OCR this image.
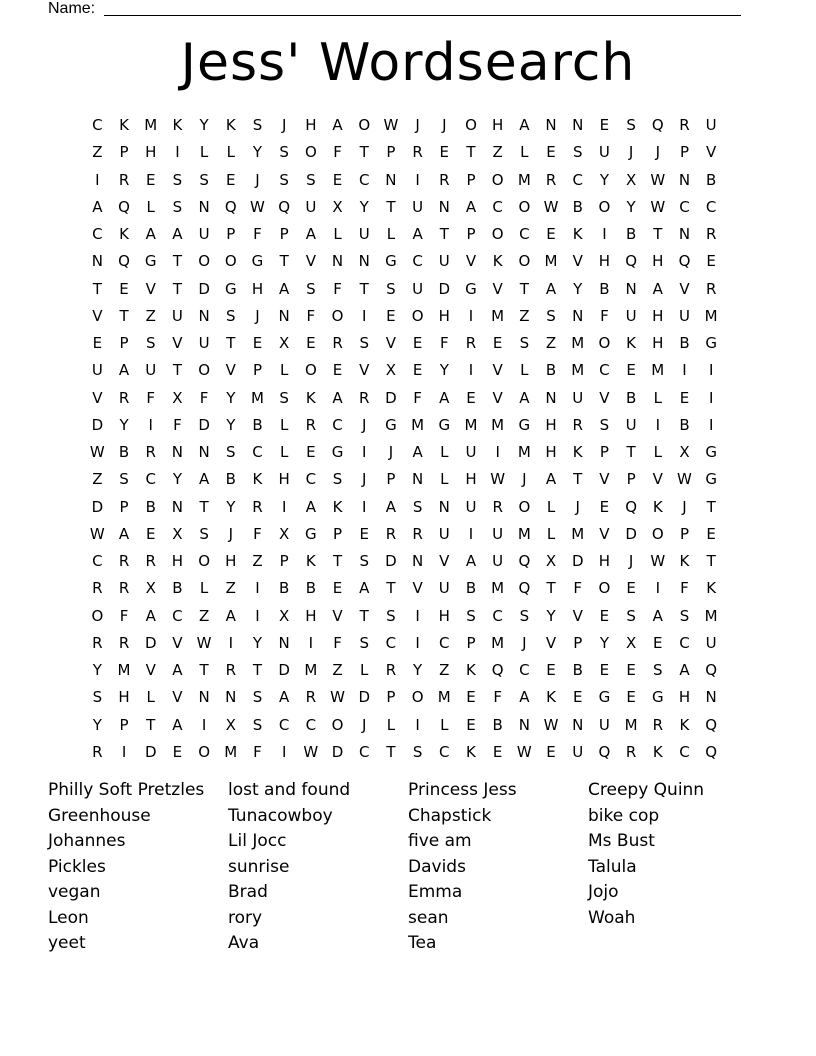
Name:
Jess' Wordsearch
C	K	M	K	Y	K	S	J	H	A	O W	J	J	O	H	A	N	N	E	S	Q	R	U
Z	P	H	I	L	L	Y	S	O	F	T	P	R	E	T	Z	L	E	S	U	J	J	P	V
I	R	E	S	S	E	J	S	S	E	C	N	I	R	P	O M	R	C	Y	X W N	B
A	Q	L	S	N	Q W Q	U	X	Y	T	U	N	A	C	O W B	O	Y W C	C
C	K	A	A	U	P	F	P	A	L	U	L	A	T	P	O	C	E	K	I	B	T	N	R
N	Q G	T	O O G	T	V	N	N	G	C	U	V	K	O M	V	H	Q	H	Q	E
T	E	V	T	D	G	H	A	S	F	T	S	U	D	G	V	T	A	Y	B	N	A	V	R
V	T	Z	U	N	S	J	N	F	O	I	E	O	H	I	M	Z	S	N	F	U	H	U M
E	P	S	V	U	T	E	X	E	R	S	V	E	F	R	E	S	Z	M O	K	H	B	G
U	A	U	T	O	V	P	L	O	E	V	X	E	Y	I	V	L	B	M C	E	M	I	I
V	R	F	X	F	Y	M	S	K	A	R	D	F	A	E	V	A	N	U	V	B	L	E	I
D	Y	I	F	D	Y	B	L	R	C	J	G M G M M G	H	R	S	U	I	B	I
W B	R	N	N	S	C	L	E	G	I	J	A	L	U	I	M H	K	P	T	L	X	G
Z	S	C	Y	A	B	K	H	C	S	J	P	N	L	H W	J	A	T	V	P	V W G
D	P	B	N	T	Y	R	I	A	K	I	A	S	N	U	R	O	L	J	E	Q	K	J	T
W A	E	X	S	J	F	X	G	P	E	R	R	U	I	U M	L	M	V	D	O	P	E
C	R	R	H	O	H	Z	P	K	T	S	D	N	V	A	U	Q	X	D	H	J	W K	T
R	R	X	B	L	Z	I	B	B	E	A	T	V	U	B	M Q	T	F	O	E	I	F	K
O	F	A	C	Z	A	I	X	H	V	T	S	I	H	S	C	S	Y	V	E	S	A	S	M
R	R	D	V W	I	Y	N	I	F	S	C	I	C	P	M	J	V	P	Y	X	E	C	U
Y	M	V	A	T	R	T	D M	Z	L	R	Y	Z	K	Q	C	E	B	E	E	S	A	Q
S	H	L	V	N	N	S	A	R W D	P	O M	E	F	A	K	E	G	E	G	H	N
Y	P	T	A	I	X	S	C	C	O	J	L	I	L	E	B	N W N	U M	R	K	Q
R	I	D	E	O M	F	I	W D	C	T	S	C	K	E W E	U	Q	R	K	C	Q
Philly Soft Pretzles	lost and found	Princess Jess	Creepy Quinn
Greenhouse	Tunacowboy	Chapstick	bike cop
Johannes	Lil Jocc	five am	Ms Bust
Pickles	sunrise	Davids	Talula
vegan	Brad	Emma	Jojo
Leon	rory	sean	Woah
yeet	Ava	Tea
